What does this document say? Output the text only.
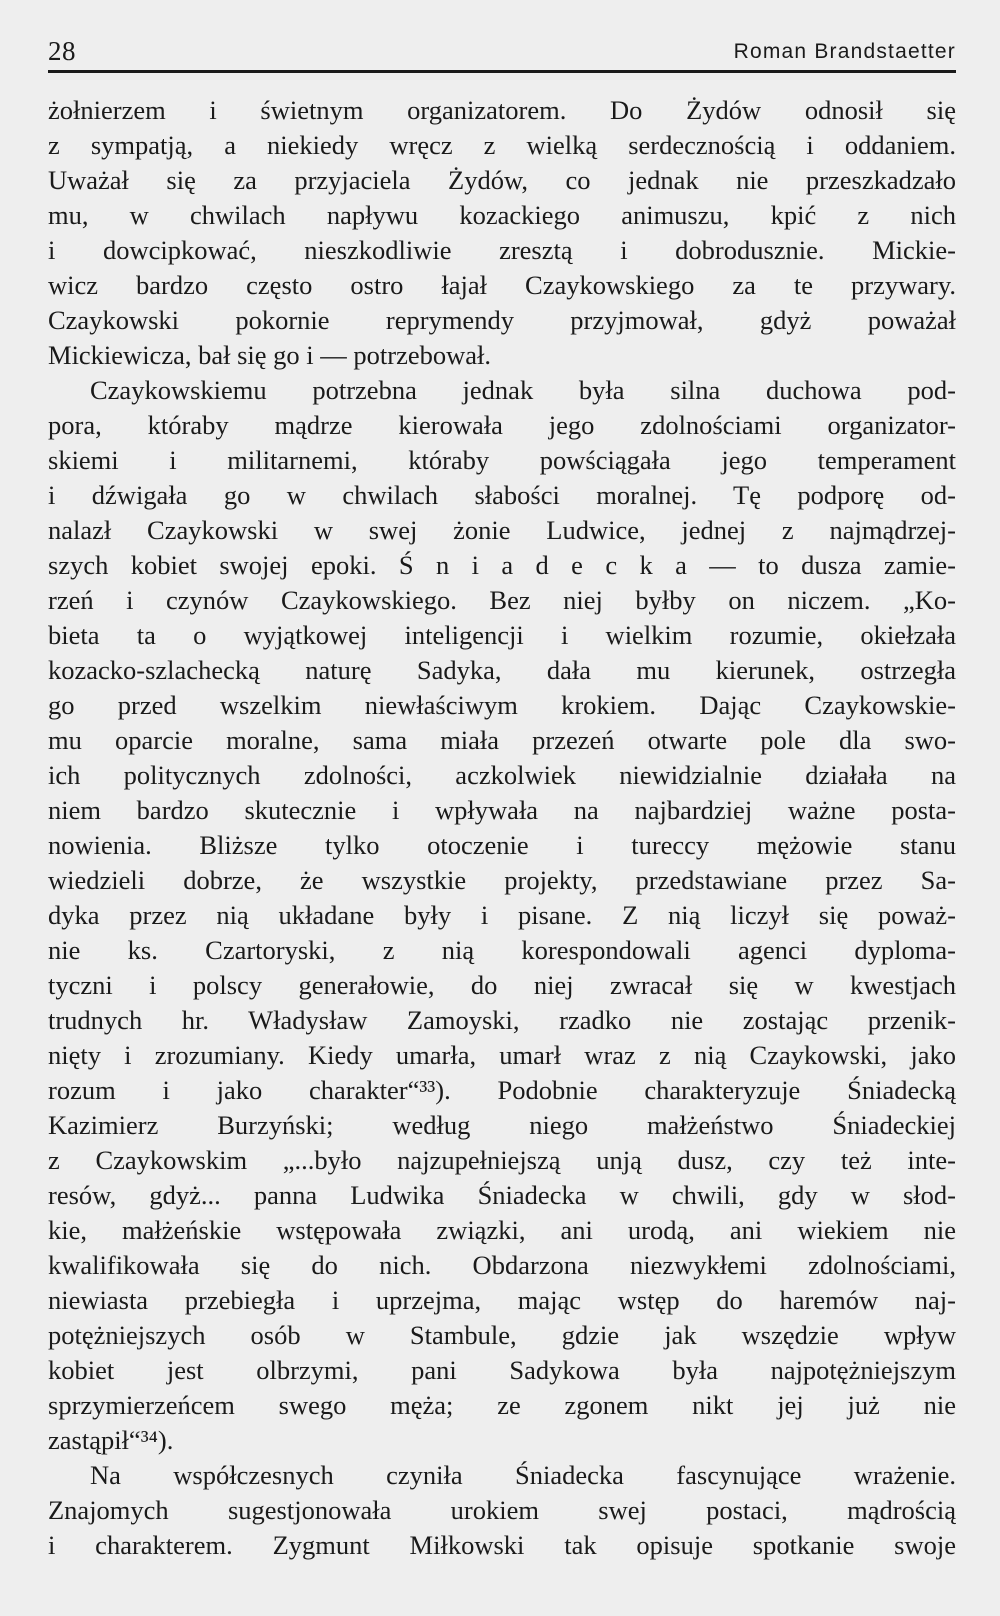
28	Roman Brandstaetter
żołnierzem i świetnym organizatorem. Do Żydów odnosił się
z sympatją, a niekiedy wręcz z wielką serdecznością i oddaniem.
Uważał się za przyjaciela Żydów, co jednak nie przeszkadzało
mu, w chwilach napływu kozackiego animuszu, kpić z nich
i dowcipkować, nieszkodliwie zresztą i dobrodusznie. Mickie-
wicz bardzo często ostro łajał Czaykowskiego za te przywary.
Czaykowski pokornie reprymendy przyjmował, gdyż poważał
Mickiewicza, bał się go i — potrzebował.
Czaykowskiemu potrzebna jednak była silna duchowa pod-
pora, któraby mądrze kierowała jego zdolnościami organizator-
skiemi i militarnemi, któraby powściągała jego temperament
i dźwigała go w chwilach słabości moralnej. Tę podporę od-
nalazł Czaykowski w swej żonie Ludwice, jednej z najmądrzej-
szych kobiet swojej epoki. Ś n i a d e c k a — to dusza zamie-
rzeń i czynów Czaykowskiego. Bez niej byłby on niczem. „Ko-
bieta ta o wyjątkowej inteligencji i wielkim rozumie, okiełzała
kozacko-szlachecką naturę Sadyka, dała mu kierunek, ostrzegła
go przed wszelkim niewłaściwym krokiem. Dając Czaykowskie-
mu oparcie moralne, sama miała przezeń otwarte pole dla swo-
ich politycznych zdolności, aczkolwiek niewidzialnie działała na
niem bardzo skutecznie i wpływała na najbardziej ważne posta-
nowienia. Bliższe tylko otoczenie i tureccy mężowie stanu
wiedzieli dobrze, że wszystkie projekty, przedstawiane przez Sa-
dyka przez nią układane były i pisane. Z nią liczył się poważ-
nie ks. Czartoryski, z nią korespondowali agenci dyploma-
tyczni i polscy generałowie, do niej zwracał się w kwestjach
trudnych hr. Władysław Zamoyski, rzadko nie zostając przenik-
nięty i zrozumiany. Kiedy umarła, umarł wraz z nią Czaykowski, jako
rozum i jako charakter“³³). Podobnie charakteryzuje Śniadecką
Kazimierz Burzyński; według niego małżeństwo Śniadeckiej
z Czaykowskim „...było najzupełniejszą unją dusz, czy też inte-
resów, gdyż... panna Ludwika Śniadecka w chwili, gdy w słod-
kie, małżeńskie wstępowała związki, ani urodą, ani wiekiem nie
kwalifikowała się do nich. Obdarzona niezwykłemi zdolnościami,
niewiasta przebiegła i uprzejma, mając wstęp do haremów naj-
potężniejszych osób w Stambule, gdzie jak wszędzie wpływ
kobiet jest olbrzymi, pani Sadykowa była najpotężniejszym
sprzymierzeńcem swego męża; ze zgonem nikt jej już nie
zastąpił“³⁴).
Na współczesnych czyniła Śniadecka fascynujące wrażenie.
Znajomych sugestjonowała urokiem swej postaci, mądrością
i charakterem. Zygmunt Miłkowski tak opisuje spotkanie swoje
